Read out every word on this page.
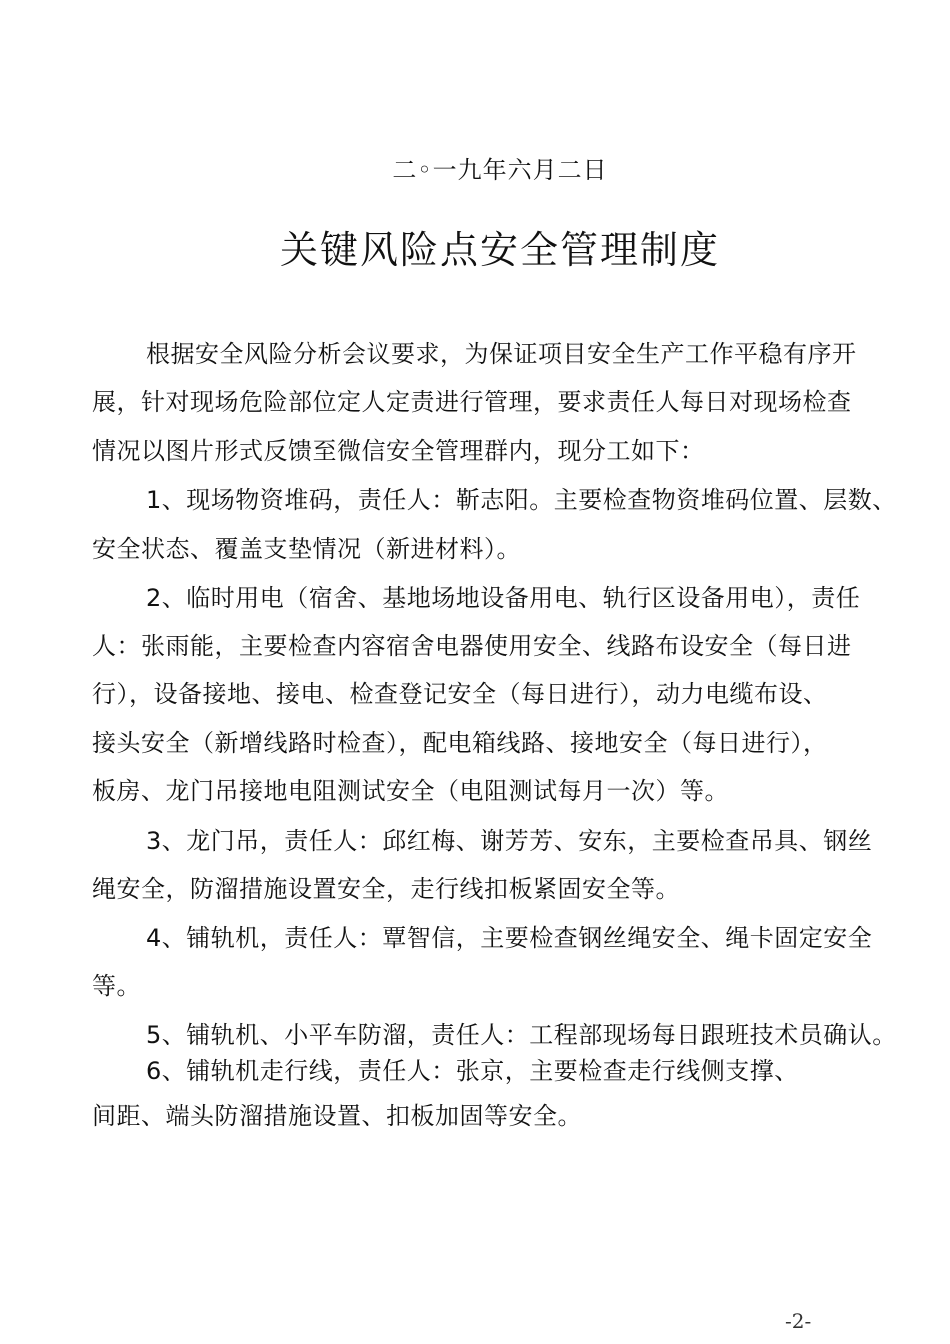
二◦一九年六月二日
关键风险点安全管理制度
根据安全风险分析会议要求，为保证项目安全生产工作平稳有序开
展，针对现场危险部位定人定责进行管理，要求责任人每日对现场检查
情况以图片形式反馈至微信安全管理群内，现分工如下：
1、现场物资堆码，责任人：靳志阳。主要检查物资堆码位置、层数、
安全状态、覆盖支垫情况（新进材料）。
2、临时用电（宿舍、基地场地设备用电、轨行区设备用电），责任
人：张雨能，主要检查内容宿舍电器使用安全、线路布设安全（每日进
行），设备接地、接电、检查登记安全（每日进行），动力电缆布设、
接头安全（新增线路时检查），配电箱线路、接地安全（每日进行），
板房、龙门吊接地电阻测试安全（电阻测试每月一次）等。
3、龙门吊，责任人：邱红梅、谢芳芳、安东，主要检查吊具、钢丝
绳安全，防溜措施设置安全，走行线扣板紧固安全等。
4、铺轨机，责任人：覃智信，主要检查钢丝绳安全、绳卡固定安全
等。
5、铺轨机、小平车防溜，责任人：工程部现场每日跟班技术员确认。
6、铺轨机走行线，责任人：张京，主要检查走行线侧支撑、
间距、端头防溜措施设置、扣板加固等安全。
-2-
